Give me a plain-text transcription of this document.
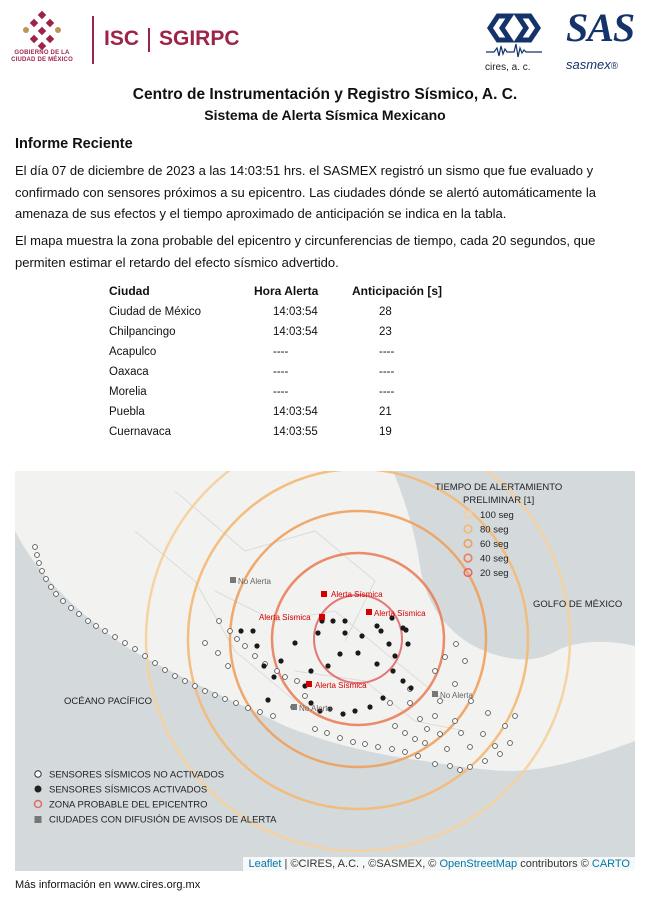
GOBIERNO DE LA
CIUDAD DE MÉXICO
ISC SGIRPC
cires, a. c.
SAS
sasmex®
Centro de Instrumentación y Registro Sísmico, A. C.
Sistema de Alerta Sísmica Mexicano
Informe Reciente
El día 07 de diciembre de 2023 a las 14:03:51 hrs. el SASMEX registró un sismo que fue evaluado y confirmado con sensores próximos a su epicentro. Las ciudades dónde se alertó automáticamente la amenaza de sus efectos y el tiempo aproximado de anticipación se indica en la tabla.
El mapa muestra la zona probable del epicentro y circunferencias de tiempo, cada 20 segundos, que permiten estimar el retardo del efecto sísmico advertido.
Ciudad	Hora Alerta	Anticipación [s]
Ciudad de México	14:03:54	28
Chilpancingo	14:03:54	23
Acapulco	----	----
Oaxaca	----	----
Morelia	----	----
Puebla	14:03:54	21
Cuernavaca	14:03:55	19
No Alerta
Alerta Sísmica
Alerta Sísmica
Alerta Sísmica
Alerta Sísmica
No Alerta
No Alerta
GOLFO DE MÉXICO
OCÉANO PACÍFICO
TIEMPO DE ALERTAMIENTO
PRELIMINAR [1]
100 seg
80 seg
60 seg
40 seg
20 seg
SENSORES SÍSMICOS NO ACTIVADOS
SENSORES SÍSMICOS ACTIVADOS
ZONA PROBABLE DEL EPICENTRO
CIUDADES CON DIFUSIÓN DE AVISOS DE ALERTA
Leaflet | ©CIRES, A.C. , ©SASMEX, © OpenStreetMap contributors © CARTO
Más información en www.cires.org.mx
